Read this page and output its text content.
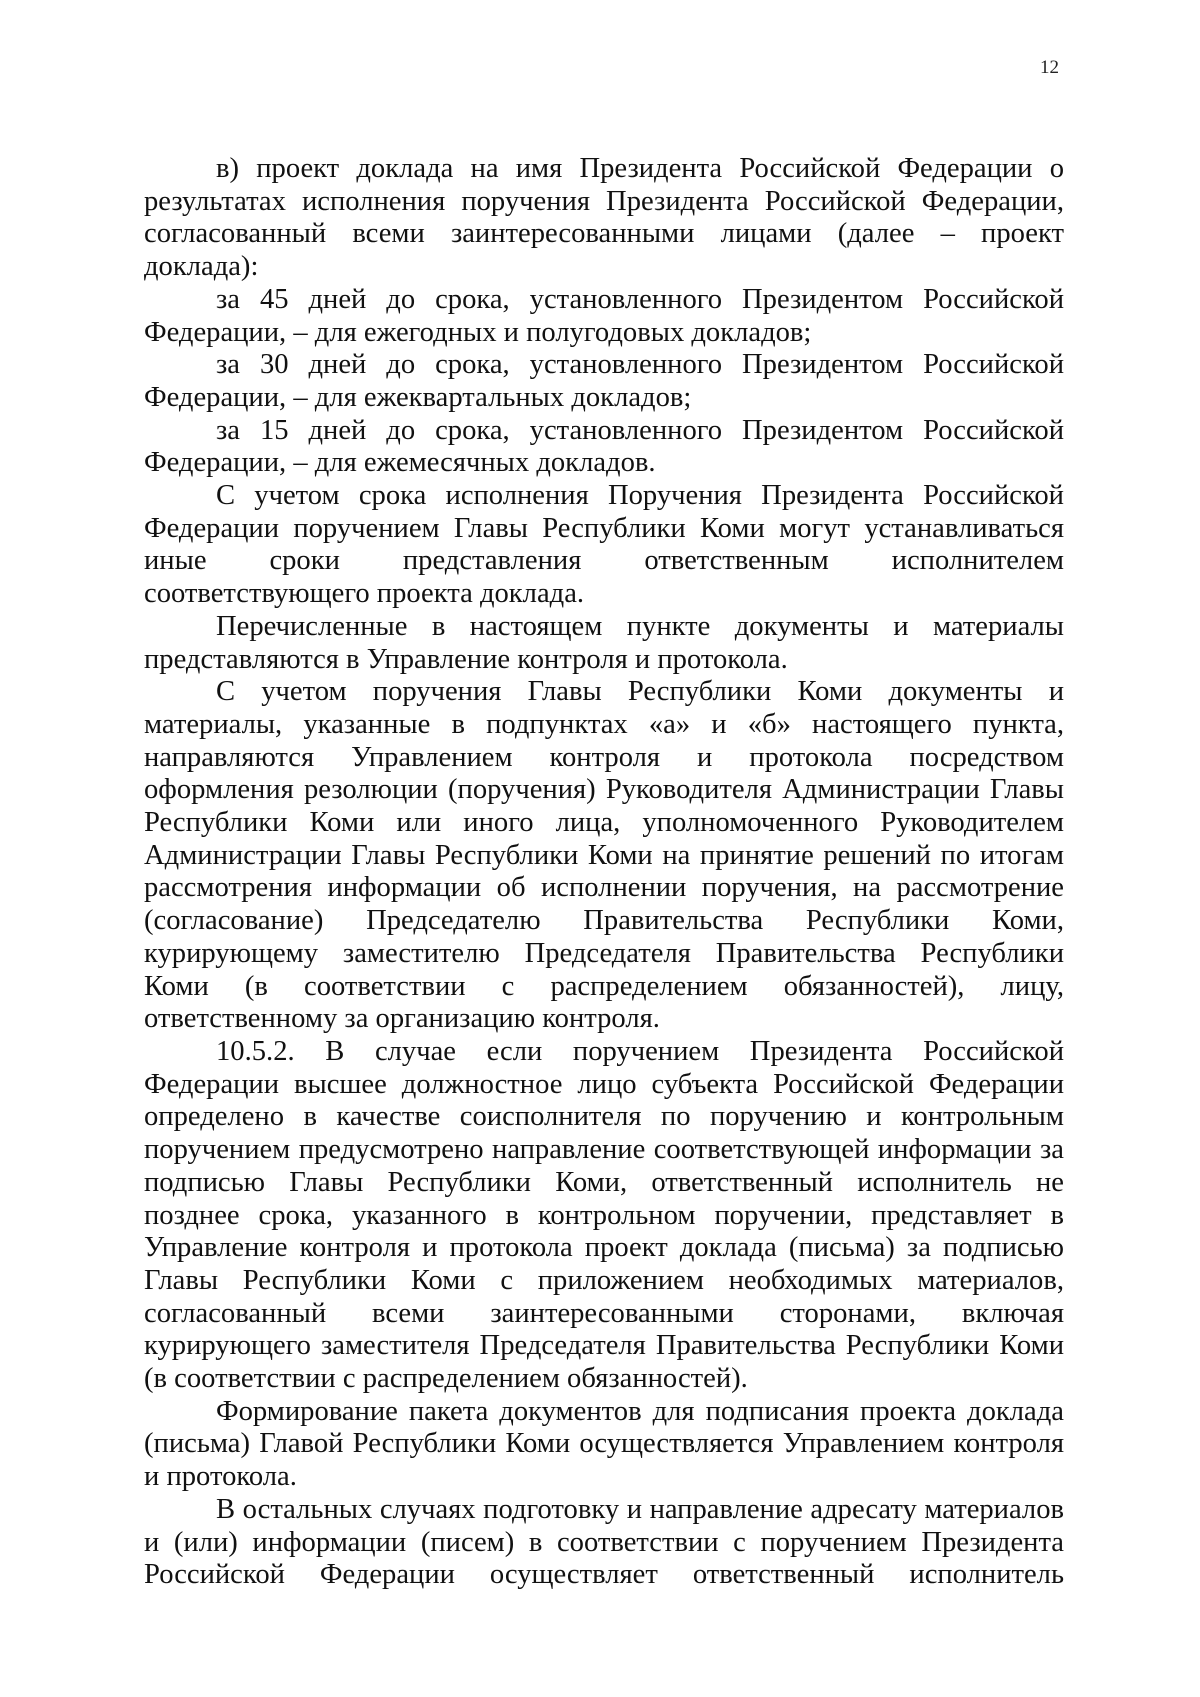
12

в) проект доклада на имя Президента Российской Федерации о результатах исполнения поручения Президента Российской Федерации, согласованный всеми заинтересованными лицами (далее – проект доклада):

за 45 дней до срока, установленного Президентом Российской Федерации, – для ежегодных и полугодовых докладов;

за 30 дней до срока, установленного Президентом Российской Федерации, – для ежеквартальных докладов;

за 15 дней до срока, установленного Президентом Российской Федерации, – для ежемесячных докладов.

С учетом срока исполнения Поручения Президента Российской Федерации поручением Главы Республики Коми могут устанавливаться иные сроки представления ответственным исполнителем соответствующего проекта доклада.

Перечисленные в настоящем пункте документы и материалы представляются в Управление контроля и протокола.

С учетом поручения Главы Республики Коми документы и материалы, указанные в подпунктах «а» и «б» настоящего пункта, направляются Управлением контроля и протокола посредством оформления резолюции (поручения) Руководителя Администрации Главы Республики Коми или иного лица, уполномоченного Руководителем Администрации Главы Республики Коми на принятие решений по итогам рассмотрения информации об исполнении поручения, на рассмотрение (согласование) Председателю Правительства Республики Коми, курирующему заместителю Председателя Правительства Республики Коми (в соответствии с распределением обязанностей), лицу, ответственному за организацию контроля.

10.5.2. В случае если поручением Президента Российской Федерации высшее должностное лицо субъекта Российской Федерации определено в качестве соисполнителя по поручению и контрольным поручением предусмотрено направление соответствующей информации за подписью Главы Республики Коми, ответственный исполнитель не позднее срока, указанного в контрольном поручении, представляет в Управление контроля и протокола проект доклада (письма) за подписью Главы Республики Коми с приложением необходимых материалов, согласованный всеми заинтересованными сторонами, включая курирующего заместителя Председателя Правительства Республики Коми (в соответствии с распределением обязанностей).

Формирование пакета документов для подписания проекта доклада (письма) Главой Республики Коми осуществляется Управлением контроля и протокола.

В остальных случаях подготовку и направление адресату материалов и (или) информации (писем) в соответствии с поручением Президента Российской Федерации осуществляет ответственный исполнитель
